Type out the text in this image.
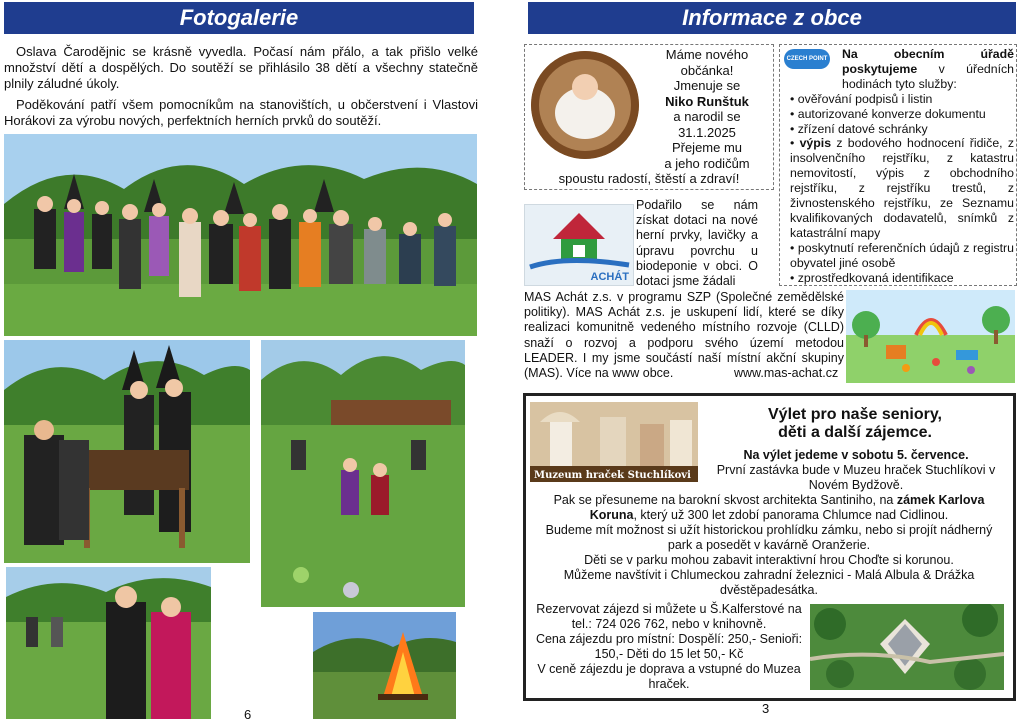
Fotogalerie
Oslava Čarodějnic se krásně vyvedla. Počasí nám přálo, a tak přišlo velké množství dětí a dospělých. Do soutěží se přihlásilo 38 dětí a všechny statečně plnily záludné úkoly.
Poděkování patří všem pomocníkům na stanovištích, u občerstvení i Vlastovi Horákovi za výrobu nových, perfektních herních prvků do soutěží.
6
Informace z obce
Máme nového
občánka!
Jmenuje se
Niko Runštuk
a narodil se
31.1.2025
Přejeme mu
a jeho rodičům
spoustu radostí, štěstí a zdraví!
CZECH POINT	Na obecním úřadě poskytujeme v úředních hodinách tyto služby:
• ověřování podpisů i listin
• autorizované konverze dokumentu
• zřízení datové schránky
• výpis z bodového hodnocení řidiče, z insolvenčního rejstříku, z katastru nemovitostí, výpis z obchodního rejstříku, z rejstříku trestů, z živnostenského rejstříku, ze Seznamu kvalifikovaných dodavatelů, snímků z katastrální mapy
• poskytnutí referenčních údajů z registru obyvatel jiné osobě
• zprostředkovaná identifikace
ACHÁT
Podařilo se nám získat dotaci na nové herní prvky, lavičky a úpravu povrchu u biodeponie v obci. O dotaci jsme žádali
MAS Achát z.s. v programu SZP (Společné zemědělské politiky). MAS Achát z.s. je uskupení lidí, které se díky realizaci komunitně vedeného místního rozvoje (CLLD) snaží o rozvoj a podporu svého území metodou LEADER. I my jsme součástí naší místní akční skupiny (MAS). Více na www obce.	www.mas-achat.cz
Muzeum hraček Stuchlíkovi
Výlet pro naše seniory,
děti a další zájemce.
Na výlet jedeme v sobotu 5. července.
První zastávka bude v Muzeu hraček Stuchlíkovi v Novém Bydžově.
Pak se přesuneme na barokní skvost architekta Santiniho, na zámek Karlova Koruna, který už 300 let zdobí panorama Chlumce nad Cidlinou.
Budeme mít možnost si užít historickou prohlídku zámku, nebo si projít nádherný park a posedět v kavárně Oranžerie.
Děti se v parku mohou zabavit interaktivní hrou Choďte si korunou.
Můžeme navštívit i Chlumeckou zahradní železnici - Malá Albula & Drážka dvěstěpadesátka.
Rezervovat zájezd si můžete u Š.Kalferstové na tel.: 724 026 762, nebo v knihovně.
Cena zájezdu pro místní: Dospělí: 250,- Senioři: 150,- Děti do 15 let 50,- Kč
V ceně zájezdu je doprava a vstupné do Muzea hraček.
3
